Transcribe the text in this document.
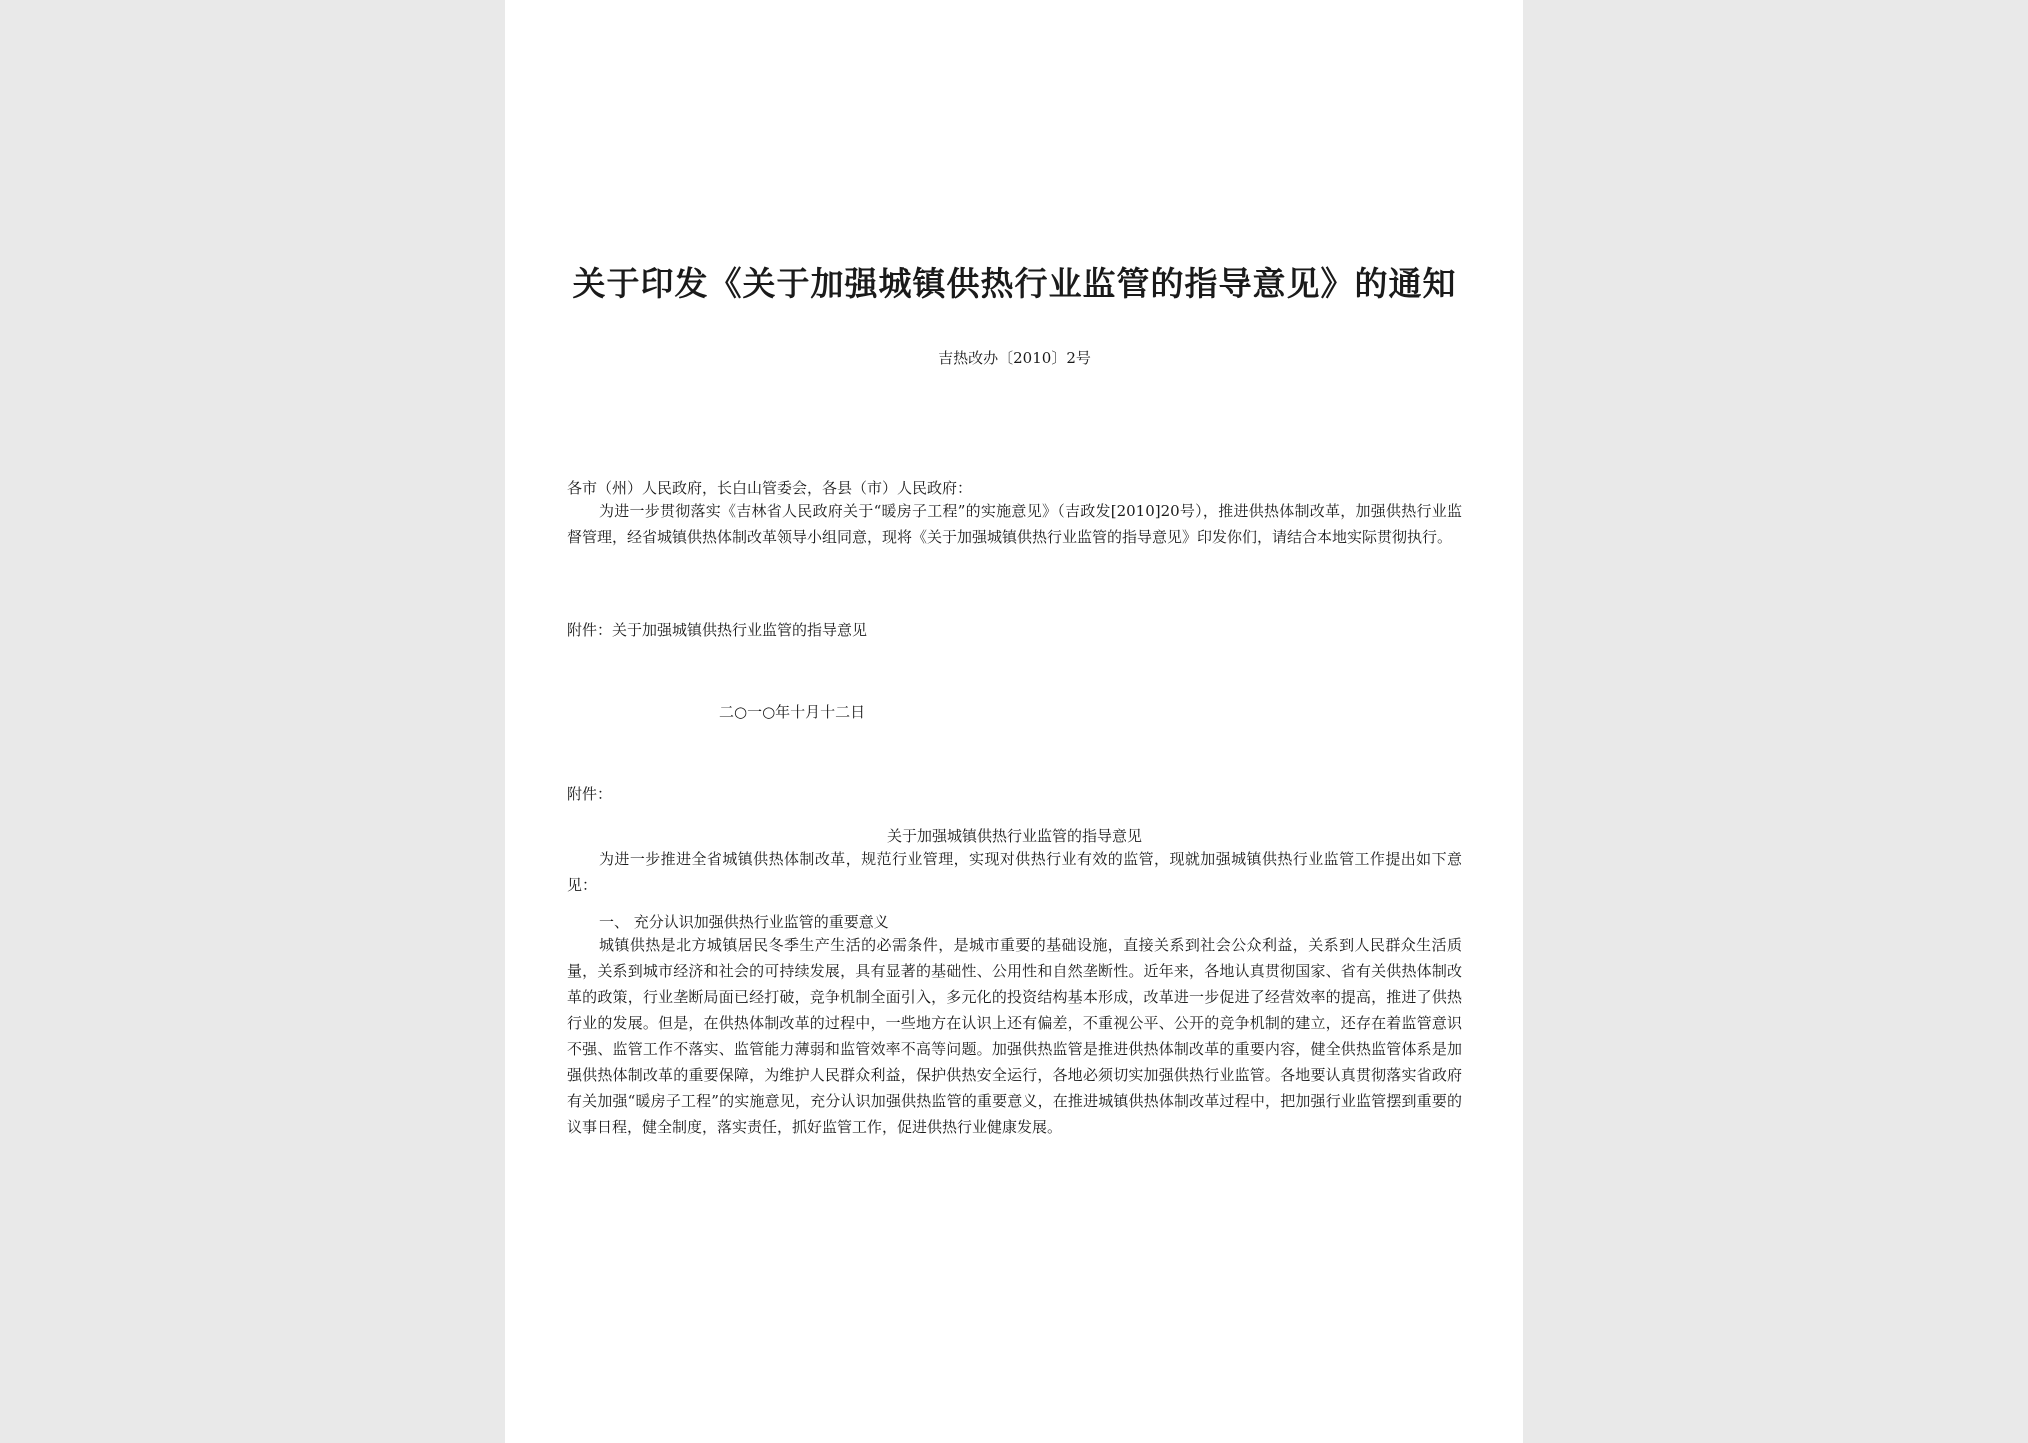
关于印发《关于加强城镇供热行业监管的指导意见》的通知
吉热改办〔2010〕2号
各市（州）人民政府，长白山管委会，各县（市）人民政府：

为进一步贯彻落实《吉林省人民政府关于“暖房子工程”的实施意见》（吉政发[2010]20号），推进供热体制改革，加强供热行业监督管理，经省城镇供热体制改革领导小组同意，现将《关于加强城镇供热行业监管的指导意见》印发你们，请结合本地实际贯彻执行。

附件：关于加强城镇供热行业监管的指导意见
二○一○年十月十二日
附件：
关于加强城镇供热行业监管的指导意见

为进一步推进全省城镇供热体制改革，规范行业管理，实现对供热行业有效的监管，现就加强城镇供热行业监管工作提出如下意见：

一、 充分认识加强供热行业监管的重要意义

城镇供热是北方城镇居民冬季生产生活的必需条件，是城市重要的基础设施，直接关系到社会公众利益，关系到人民群众生活质量，关系到城市经济和社会的可持续发展，具有显著的基础性、公用性和自然垄断性。近年来，各地认真贯彻国家、省有关供热体制改革的政策，行业垄断局面已经打破，竞争机制全面引入，多元化的投资结构基本形成，改革进一步促进了经营效率的提高，推进了供热行业的发展。但是，在供热体制改革的过程中，一些地方在认识上还有偏差，不重视公平、公开的竞争机制的建立，还存在着监管意识不强、监管工作不落实、监管能力薄弱和监管效率不高等问题。加强供热监管是推进供热体制改革的重要内容，健全供热监管体系是加强供热体制改革的重要保障，为维护人民群众利益，保护供热安全运行，各地必须切实加强供热行业监管。各地要认真贯彻落实省政府有关加强“暖房子工程”的实施意见，充分认识加强供热监管的重要意义，在推进城镇供热体制改革过程中，把加强行业监管摆到重要的议事日程，健全制度，落实责任，抓好监管工作，促进供热行业健康发展。
